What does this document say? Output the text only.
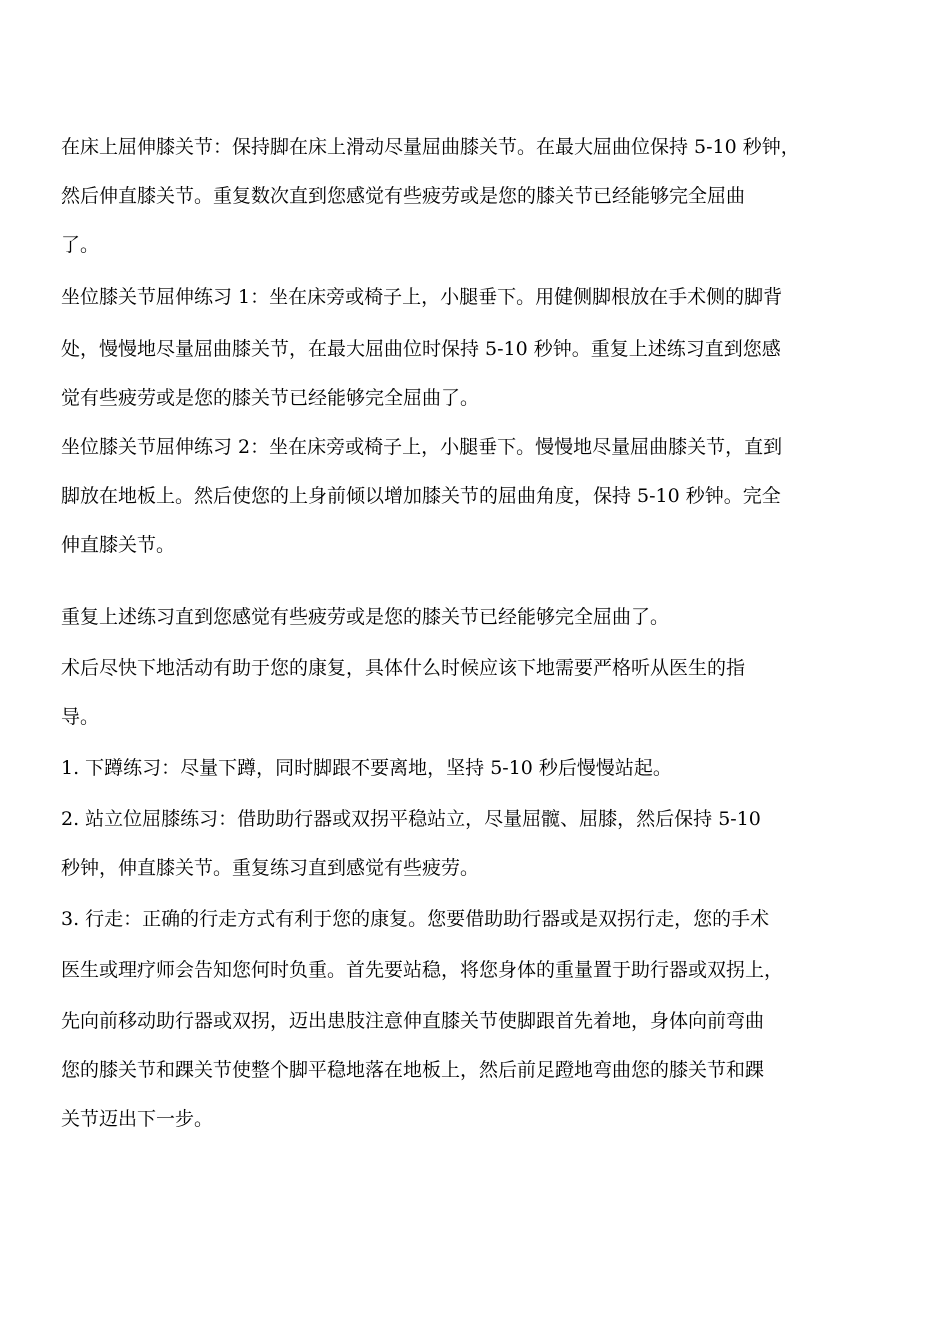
在床上屈伸膝关节：保持脚在床上滑动尽量屈曲膝关节。在最大屈曲位保持 5-10 秒钟，
然后伸直膝关节。重复数次直到您感觉有些疲劳或是您的膝关节已经能够完全屈曲
了。
坐位膝关节屈伸练习 1：坐在床旁或椅子上，小腿垂下。用健侧脚根放在手术侧的脚背
处，慢慢地尽量屈曲膝关节，在最大屈曲位时保持 5-10 秒钟。重复上述练习直到您感
觉有些疲劳或是您的膝关节已经能够完全屈曲了。
坐位膝关节屈伸练习 2：坐在床旁或椅子上，小腿垂下。慢慢地尽量屈曲膝关节，直到
脚放在地板上。然后使您的上身前倾以增加膝关节的屈曲角度，保持 5-10 秒钟。完全
伸直膝关节。
重复上述练习直到您感觉有些疲劳或是您的膝关节已经能够完全屈曲了。
术后尽快下地活动有助于您的康复，具体什么时候应该下地需要严格听从医生的指
导。
1. 下蹲练习：尽量下蹲，同时脚跟不要离地，坚持 5-10 秒后慢慢站起。
2. 站立位屈膝练习：借助助行器或双拐平稳站立，尽量屈髋、屈膝，然后保持 5-10
秒钟，伸直膝关节。重复练习直到感觉有些疲劳。
3. 行走：正确的行走方式有利于您的康复。您要借助助行器或是双拐行走，您的手术
医生或理疗师会告知您何时负重。首先要站稳，将您身体的重量置于助行器或双拐上，
先向前移动助行器或双拐，迈出患肢注意伸直膝关节使脚跟首先着地，身体向前弯曲
您的膝关节和踝关节使整个脚平稳地落在地板上，然后前足蹬地弯曲您的膝关节和踝
关节迈出下一步。
